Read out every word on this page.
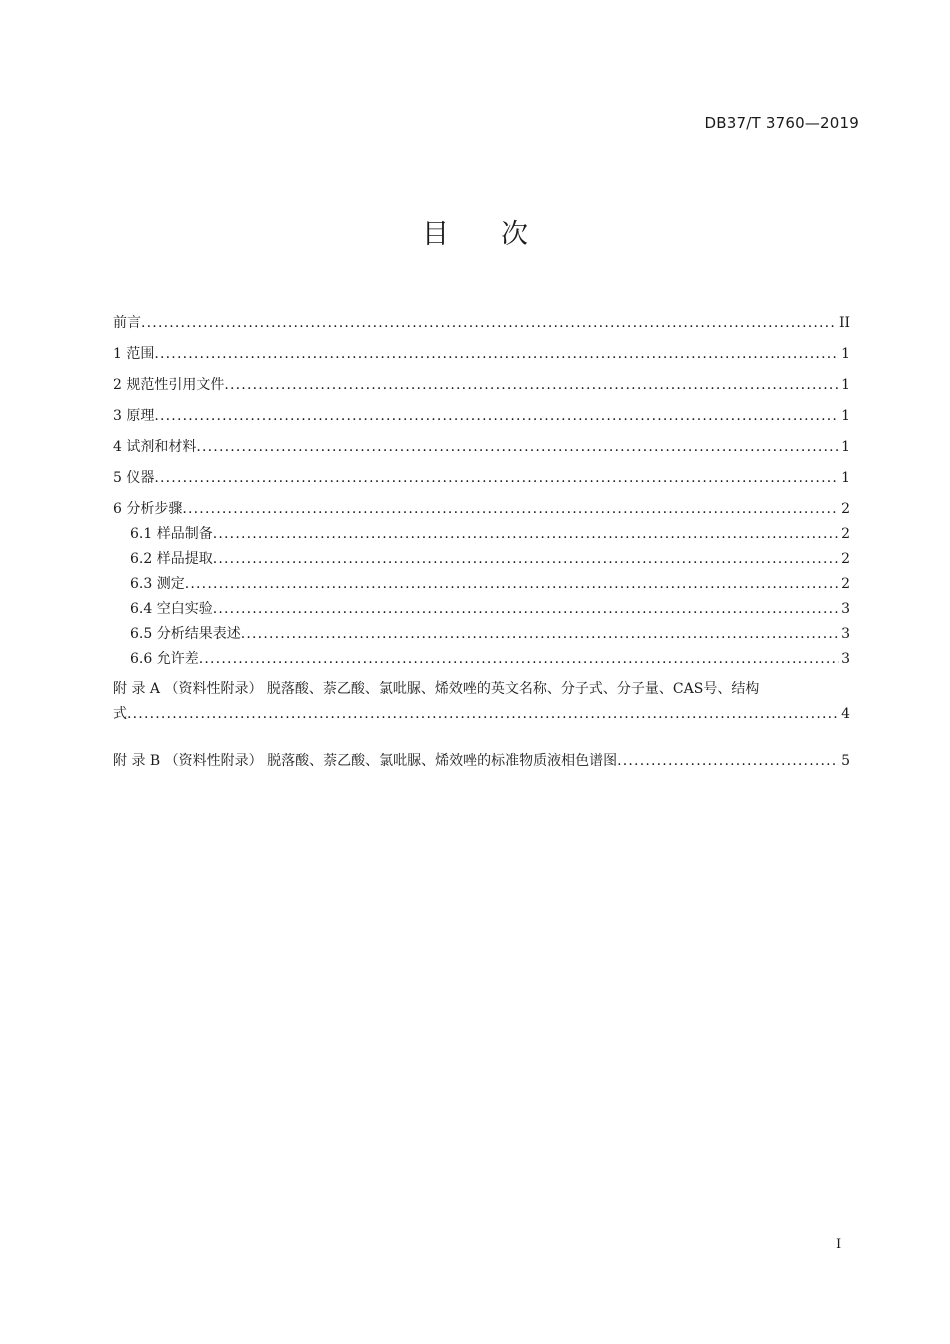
DB37/T 3760—2019
目 次
前言 .....	II
1 范围 .....	1
2 规范性引用文件 .....	1
3 原理 .....	1
4 试剂和材料 .....	1
5 仪器 .....	1
6 分析步骤 .....	2
6.1 样品制备 .....	2
6.2 样品提取 .....	2
6.3 测定 .....	2
6.4 空白实验 .....	3
6.5 分析结果表述 .....	3
6.6 允许差 .....	3
附 录 A （资料性附录） 脱落酸、萘乙酸、氯吡脲、烯效唑的英文名称、分子式、分子量、CAS号、结构
式 .....	4
附 录 B （资料性附录） 脱落酸、萘乙酸、氯吡脲、烯效唑的标准物质液相色谱图 .....	5
I
